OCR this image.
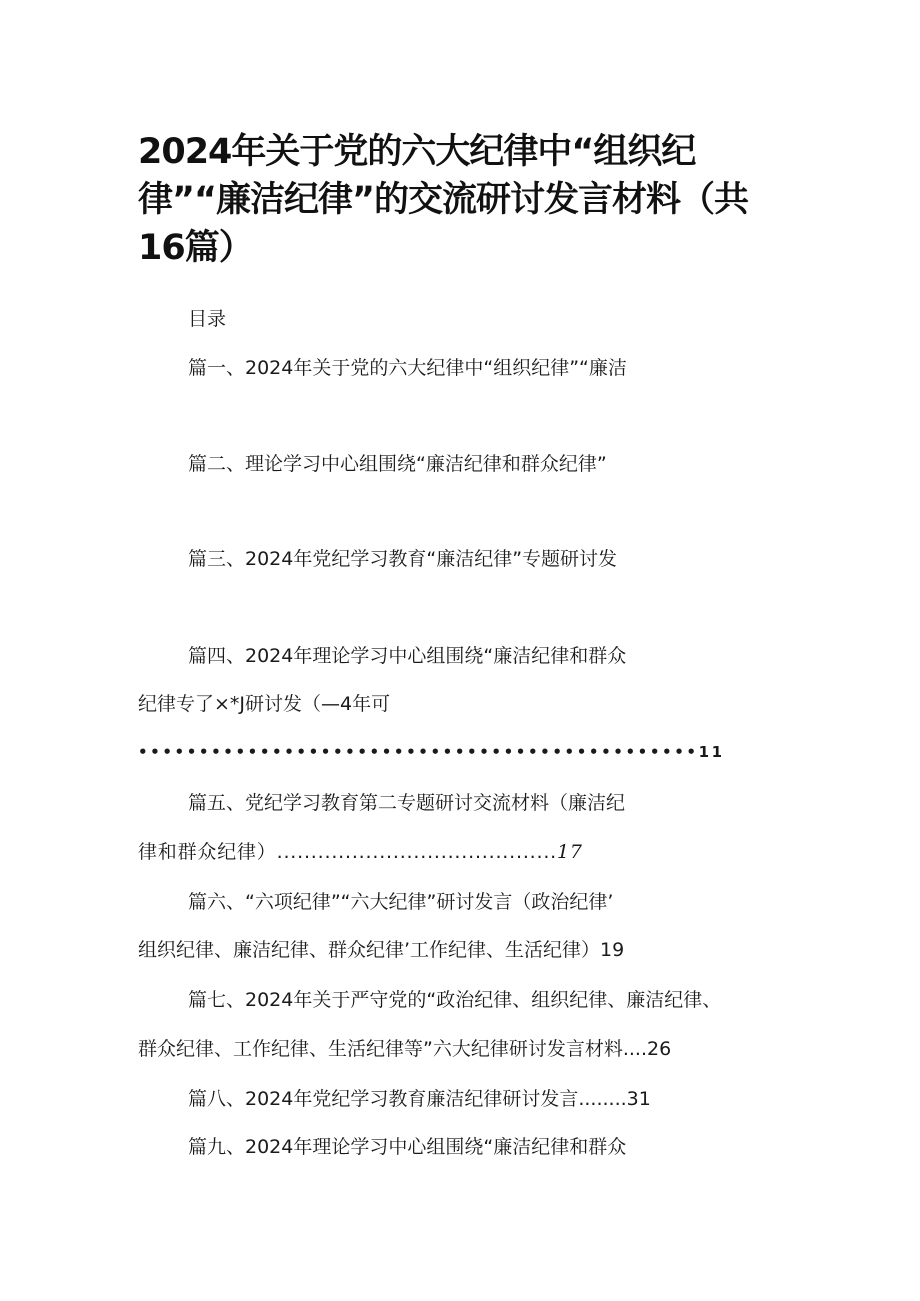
2024年关于党的六大纪律中“组织纪
律”“廉洁纪律”的交流研讨发言材料（共
16篇）
目录
篇一、2024年关于党的六大纪律中“组织纪律”“廉洁
篇二、理论学习中心组围绕“廉洁纪律和群众纪律”
篇三、2024年党纪学习教育“廉洁纪律”专题研讨发
篇四、2024年理论学习中心组围绕“廉洁纪律和群众
纪律专了×*J研讨发（—4年可
••••••••••••••••••••••••••••••••••••••••••••••11
篇五、党纪学习教育第二专题研讨交流材料（廉洁纪
律和群众纪律）.........................................17
篇六、“六项纪律”“六大纪律”研讨发言（政治纪律’
组织纪律、廉洁纪律、群众纪律’工作纪律、生活纪律）19
篇七、2024年关于严守党的“政治纪律、组织纪律、廉洁纪律、
群众纪律、工作纪律、生活纪律等”六大纪律研讨发言材料....26
篇八、2024年党纪学习教育廉洁纪律研讨发言........31
篇九、2024年理论学习中心组围绕“廉洁纪律和群众
